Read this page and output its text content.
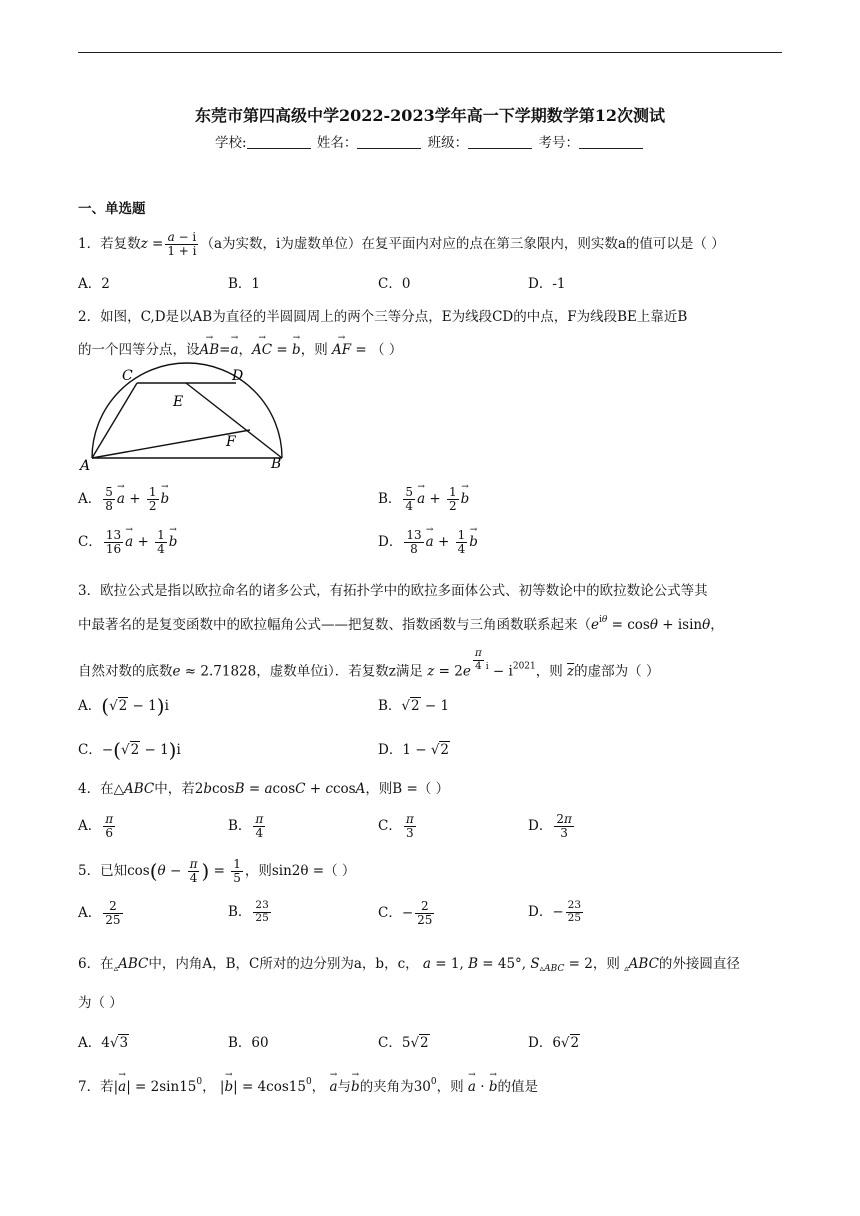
东莞市第四高级中学2022-2023学年高一下学期数学第12次测试
学校:	姓名：	班级：	考号：
一、单选题
1．若复数$z = \frac{a - i}{1 + i} (a$为实数，i为虚数单位）在复平面内对应的点在第三象限内，则实数a的值可以是（ ）
A．2	B．1	C．0	D．-1
2．如图，C,D是以AB为直径的半圆圆周上的两个三等分点，E为线段CD的中点，F为线段BE上靠近B
的一个四等分点，设→ AB=→ a，→ AC = → b，则 → AF = （ ）
C	D
E
F
A	B
A． $\frac{5}{8} \to a + \frac{1}{2} \to b$	B． $\frac{5}{4} \to a + \frac{1}{2} \to b$
C． $\frac{13}{16} \to a + \frac{1}{4} \to b$	D． $\frac{13}{8} \to a + \frac{1}{4} \to b$
3．欧拉公式是指以欧拉命名的诸多公式，有拓扑学中的欧拉多面体公式、初等数论中的欧拉数论公式等其
中最著名的是复变函数中的欧拉幅角公式——把复数、指数函数与三角函数联系起来（$e^{i\theta} = \cos\theta + isin\theta$，
自然对数的底数e ≈ 2.71828，虚数单位i）．若复数z满足 z = 2e $^{\frac{\pi}{4} i} - i^{2021}$，则 $\overline{z}$的虚部为（ ）
A．(√2 − 1)i	B．√2 − 1
C．−(√2 − 1)i	D．1 − √2
4．在△ABC中，若2bcosB = acosC + ccosA，则B =（ ）
A． $\frac{\pi}{6}$	B． $\frac{\pi}{4}$	C． $\frac{\pi}{3}$	D． $\frac{2\pi}{3}$
5．已知$\cos(\theta - \frac{\pi}{4}$ ) = $\frac{1}{5}$ ，则sin2θ =（ ）
A． $\frac{2}{25}$	B． $\frac{23}{25}$	C．− $\frac{2}{25}$	D．− $\frac{23}{25}$
6．在$_▵$ABC中，内角A，B，C所对的边分别为a，b，c， a = 1, B = 45°, $S_{▵ABC} = 2$，则 $_▵$ABC的外接圆直径
为（ ）
A．4√3	B．60	C．5√2	D．6√2
7．若|→ $a| = 2\sin 15^0$， |→ $b| = 4\cos 15^0$， → a与→ b的夹角为$30^0$，则 → a · → b的值是
